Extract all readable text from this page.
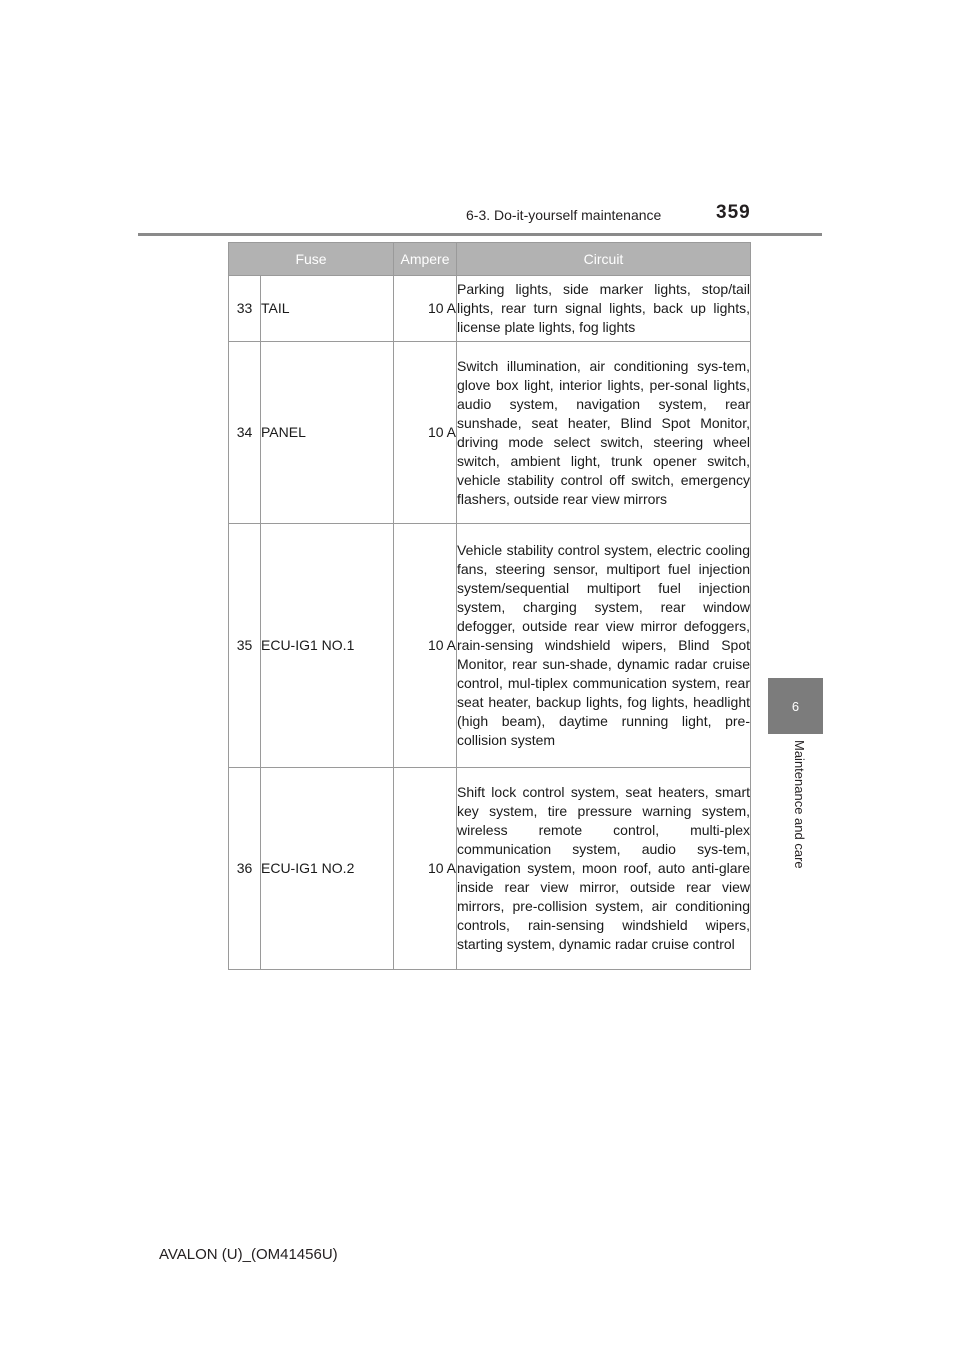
6-3. Do-it-yourself maintenance	359
6
Maintenance and care
Fuse		Ampere	Circuit
33	TAIL	10 A	Parking lights, side marker lights, stop/tail lights, rear turn signal lights, back up lights, license plate lights, fog lights
34	PANEL	10 A	Switch illumination, air conditioning sys-tem, glove box light, interior lights, per-sonal lights, audio system, navigation system, rear sunshade, seat heater, Blind Spot Monitor, driving mode select switch, steering wheel switch, ambient light, trunk opener switch, vehicle stability control off switch, emergency flashers, outside rear view mirrors
35	ECU-IG1 NO.1	10 A	Vehicle stability control system, electric cooling fans, steering sensor, multiport fuel injection system/sequential multiport fuel injection system, charging system, rear window defogger, outside rear view mirror defoggers, rain-sensing windshield wipers, Blind Spot Monitor, rear sun-shade, dynamic radar cruise control, mul-tiplex communication system, rear seat heater, backup lights, fog lights, headlight (high beam), daytime running light, pre-collision system
36	ECU-IG1 NO.2	10 A	Shift lock control system, seat heaters, smart key system, tire pressure warning system, wireless remote control, multi-plex communication system, audio sys-tem, navigation system, moon roof, auto anti-glare inside rear view mirror, outside rear view mirrors, pre-collision system, air conditioning controls, rain-sensing windshield wipers, starting system, dynamic radar cruise control
AVALON (U)_(OM41456U)
